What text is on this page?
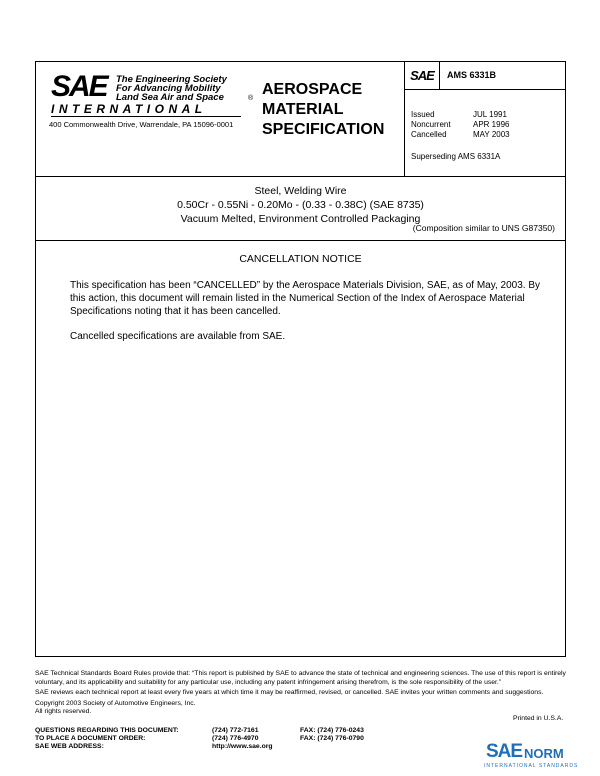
SAE The Engineering Society
For Advancing Mobility
Land Sea Air and Space	®
INTERNATIONAL
400 Commonwealth Drive, Warrendale, PA 15096-0001
AEROSPACE
MATERIAL
SPECIFICATION
SAE	AMS 6331B
Issued	JUL 1991
Noncurrent	APR 1996
Cancelled	MAY 2003
Superseding AMS 6331A
Steel, Welding Wire
0.50Cr - 0.55Ni - 0.20Mo - (0.33 - 0.38C) (SAE 8735)
Vacuum Melted, Environment Controlled Packaging
(Composition similar to UNS G87350)
CANCELLATION NOTICE
This specification has been “CANCELLED” by the Aerospace Materials Division, SAE, as of May, 2003. By this action, this document will remain listed in the Numerical Section of the Index of Aerospace Material Specifications noting that it has been cancelled.
Cancelled specifications are available from SAE.
SAE Technical Standards Board Rules provide that: “This report is published by SAE to advance the state of technical and engineering sciences. The use of this report is entirely voluntary, and its applicability and suitability for any particular use, including any patent infringement arising therefrom, is the sole responsibility of the user.”
SAE reviews each technical report at least every five years at which time it may be reaffirmed, revised, or cancelled. SAE invites your written comments and suggestions.
Copyright 2003 Society of Automotive Engineers, Inc.
All rights reserved.
Printed in U.S.A.
QUESTIONS REGARDING THIS DOCUMENT:	(724) 772-7161	FAX: (724) 776-0243
TO PLACE A DOCUMENT ORDER:	(724) 776-4970	FAX: (724) 776-0790
SAE WEB ADDRESS:	http://www.sae.org	SAE NORM
INTERNATIONAL STANDARDS
